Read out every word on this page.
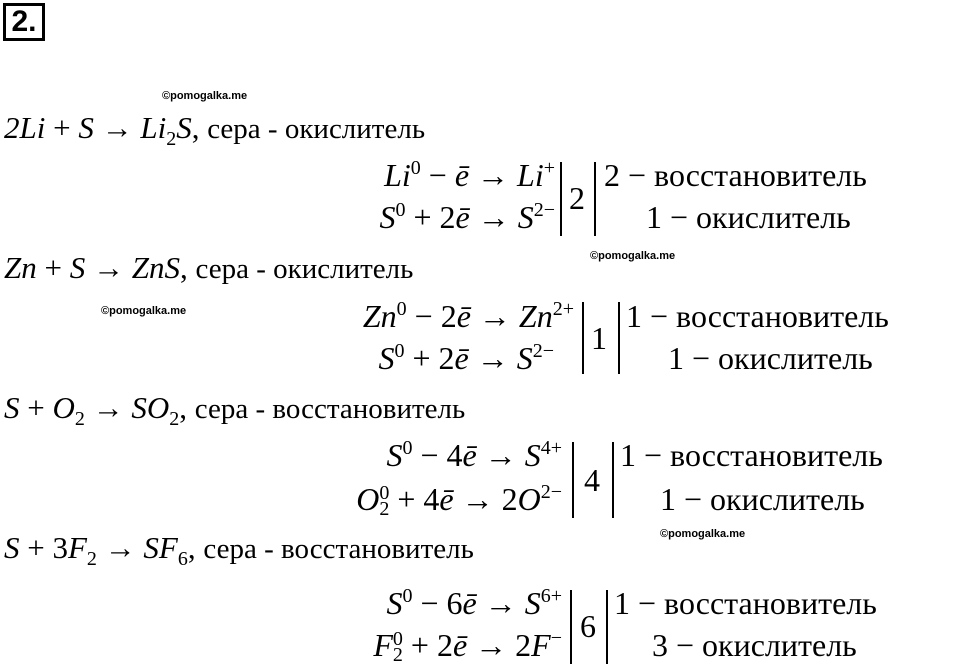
2.
©pomogalka.me
©pomogalka.me
©pomogalka.me
©pomogalka.me
$2Li + S \to Li_2S$, сера - окислитель
$Li^0$ − ē → Li+
$S^0$ + 2ē → $S^{2-}$ 2
2 − восстановитель
1 − окислитель
Zn + S → ZnS, сера - окислитель
$Zn^0$ − 2ē → $Zn^{2+}$
$S^0$ + 2ē → $S^{2-}$ 1
1 − восстановитель
1 − окислитель
$S + O_2 \to SO_2$, сера - восстановитель
$S^0$ − 4ē → $S^{4+}$
O 0
2 + 4ē → $2O^{2-}$ 4
1 − восстановитель
1 − окислитель
$S + 3F_2 \to SF_6$, сера - восстановитель
$S^0$ − 6ē → $S^{6+}$
F 0
2 + 2ē → 2F− 6
1 − восстановитель
3 − окислитель
